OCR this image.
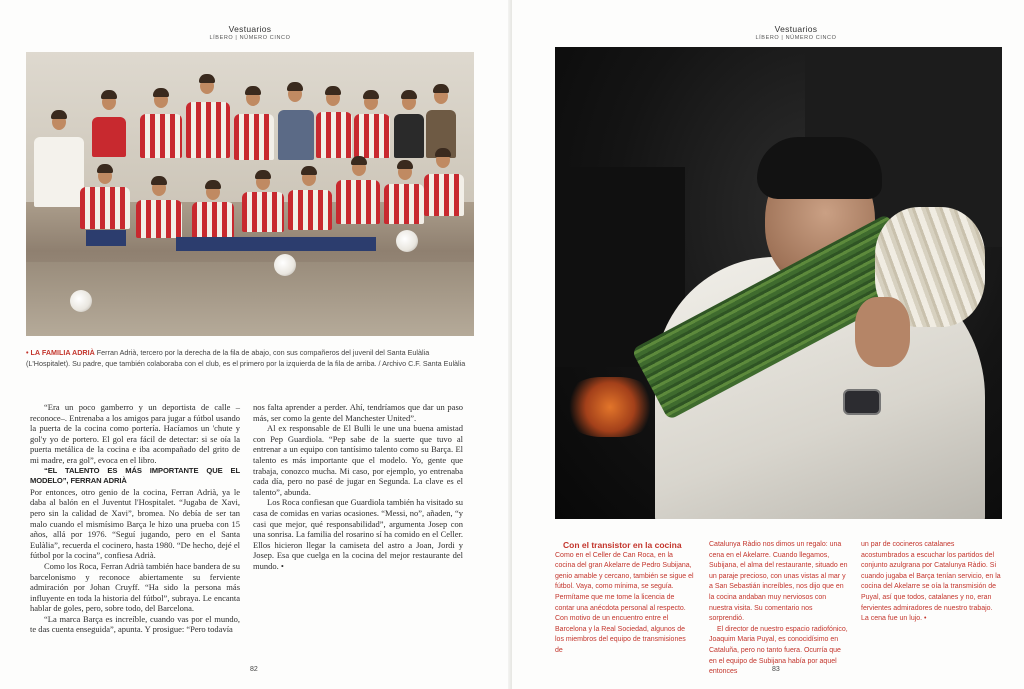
Vestuarios
LÍBERO | NÚMERO CINCO
• LA FAMILIA ADRIÀ Ferran Adrià, tercero por la derecha de la fila de abajo, con sus compañeros del juvenil del Santa Eulàlia (L'Hospitalet). Su padre, que también colaboraba con el club, es el primero por la izquierda de la fila de arriba. / Archivo C.F. Santa Eulàlia

“Era un poco gamberro y un deportista de calle –reconoce–. Entrenaba a los amigos para jugar a fútbol usando la puerta de la cocina como portería. Hacíamos un 'chute y gol'y yo de portero. El gol era fácil de detectar: si se oía la puerta metálica de la cocina e iba acompañado del grito de mi madre, era gol”, evoca en el libro.

“EL TALENTO ES MÁS IMPORTANTE QUE EL MODELO”, FERRAN ADRIÀ

Por entonces, otro genio de la cocina, Ferran Adrià, ya le daba al balón en el Juventut l'Hospitalet. “Jugaba de Xavi, pero sin la calidad de Xavi”, bromea. No debía de ser tan malo cuando el mismísimo Barça le hizo una prueba con 15 años, allá por 1976. “Seguí jugando, pero en el Santa Eulàlia”, recuerda el cocinero, hasta 1980. “De hecho, dejé el fútbol por la cocina”, confiesa Adrià.

Como los Roca, Ferran Adrià también hace bandera de su barcelonismo y reconoce abiertamente su ferviente admiración por Johan Cruyff. “Ha sido la persona más influyente en toda la historia del fútbol”, subraya. Le encanta hablar de goles, pero, sobre todo, del Barcelona.

“La marca Barça es increíble, cuando vas por el mundo, te das cuenta enseguida”, apunta. Y prosigue: “Pero todavía

nos falta aprender a perder. Ahí, tendríamos que dar un paso más, ser como la gente del Manchester United”.

Al ex responsable de El Bulli le une una buena amistad con Pep Guardiola. “Pep sabe de la suerte que tuvo al entrenar a un equipo con tantísimo talento como su Barça. El talento es más importante que el modelo. Yo, gente que trabaja, conozco mucha. Mi caso, por ejemplo, yo entrenaba cada día, pero no pasé de jugar en Segunda. La clave es el talento”, abunda.

Los Roca confiesan que Guardiola también ha visitado su casa de comidas en varias ocasiones. “Messi, no”, añaden, “y casi que mejor, qué responsabilidad”, argumenta Josep con una sonrisa. La familia del rosarino sí ha comido en el Celler. Ellos hicieron llegar la camiseta del astro a Joan, Jordi y Josep. Esa que cuelga en la cocina del mejor restaurante del mundo. •

82
Vestuarios
LÍBERO | NÚMERO CINCO

Con el transistor en la cocina

Como en el Celler de Can Roca, en la cocina del gran Akelarre de Pedro Subijana, genio amable y cercano, también se sigue el fútbol. Vaya, como mínima, se seguía. Permítame que me tome la licencia de contar una anécdota personal al respecto. Con motivo de un encuentro entre el Barcelona y la Real Sociedad, algunos de los miembros del equipo de transmisiones de

Catalunya Ràdio nos dimos un regalo: una cena en el Akelarre. Cuando llegamos, Subijana, el alma del restaurante, situado en un paraje precioso, con unas vistas al mar y a San Sebastián increíbles, nos dijo que en la cocina andaban muy nerviosos con nuestra visita. Su comentario nos sorprendió.

El director de nuestro espacio radiofónico, Joaquim Maria Puyal, es conocidísimo en Cataluña, pero no tanto fuera. Ocurría que en el equipo de Subijana había por aquel entonces

un par de cocineros catalanes acostumbrados a escuchar los partidos del conjunto azulgrana por Catalunya Ràdio. Si cuando jugaba el Barça tenían servicio, en la cocina del Akelarre se oía la transmisión de Puyal, así que todos, catalanes y no, eran fervientes admiradores de nuestro trabajo. La cena fue un lujo. •

83
